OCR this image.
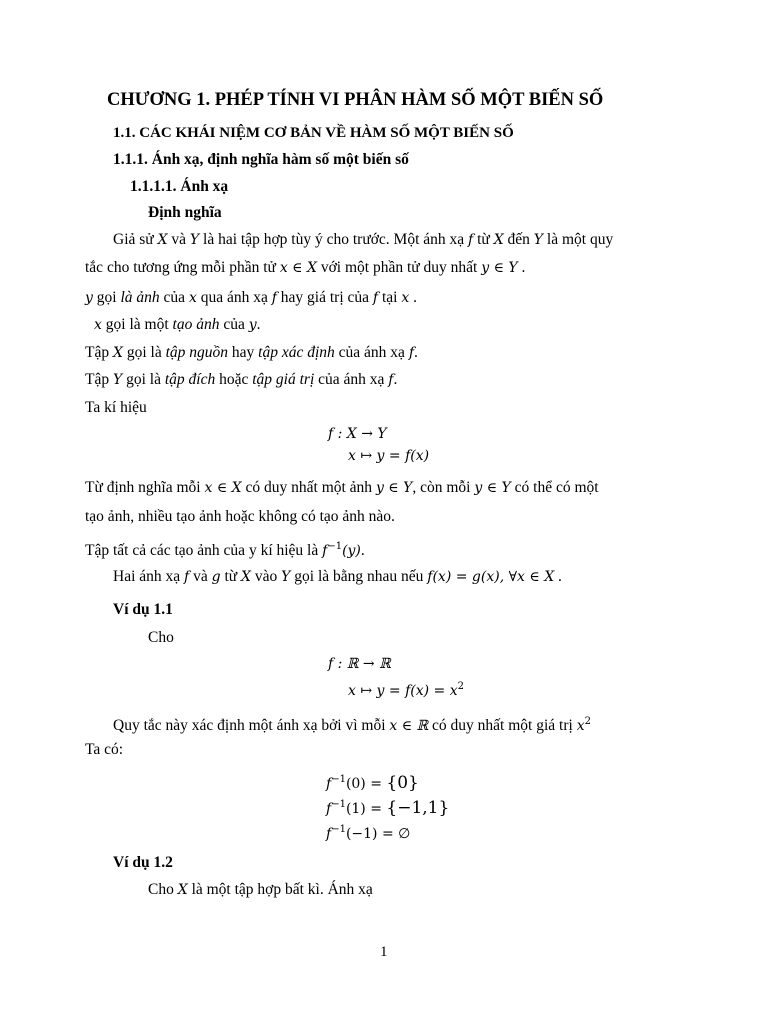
CHƯƠNG 1. PHÉP TÍNH VI PHÂN HÀM SỐ MỘT BIẾN SỐ
1.1. CÁC KHÁI NIỆM CƠ BẢN VỀ HÀM SỐ MỘT BIẾN SỐ
1.1.1. Ánh xạ, định nghĩa hàm số một biến số
1.1.1.1. Ánh xạ
Định nghĩa
Giả sử X và Y là hai tập hợp tùy ý cho trước. Một ánh xạ f từ X đến Y là một quy
tắc cho tương ứng mỗi phần tử x ∈ X với một phần tử duy nhất y ∈ Y .
y gọi là ảnh của x qua ánh xạ f hay giá trị của f tại x .
x gọi là một tạo ảnh của y.
Tập X gọi là tập nguồn hay tập xác định của ánh xạ f.
Tập Y gọi là tập đích hoặc tập giá trị của ánh xạ f.
Ta kí hiệu
f : X → Y
x ↦ y = f(x)
Từ định nghĩa mỗi x ∈ X có duy nhất một ảnh y ∈ Y, còn mỗi y ∈ Y có thể có một
tạo ảnh, nhiều tạo ảnh hoặc không có tạo ảnh nào.
Tập tất cả các tạo ảnh của y kí hiệu là $f^{-1}(y)$.
Hai ánh xạ f và g từ X vào Y gọi là bằng nhau nếu f(x) = g(x), ∀x ∈ X .
Ví dụ 1.1
Cho
f : ℝ → ℝ
x ↦ $y = f(x) = x^2$
Quy tắc này xác định một ánh xạ bởi vì mỗi x ∈ ℝ có duy nhất một giá trị $x^2$
Ta có:
$f^{-1}(0) = \{0\}$
$f^{-1}(1) = \{-1,1\}$
$f^{-1}(-1)$ = ∅
Ví dụ 1.2
Cho X là một tập hợp bất kì. Ánh xạ
1
